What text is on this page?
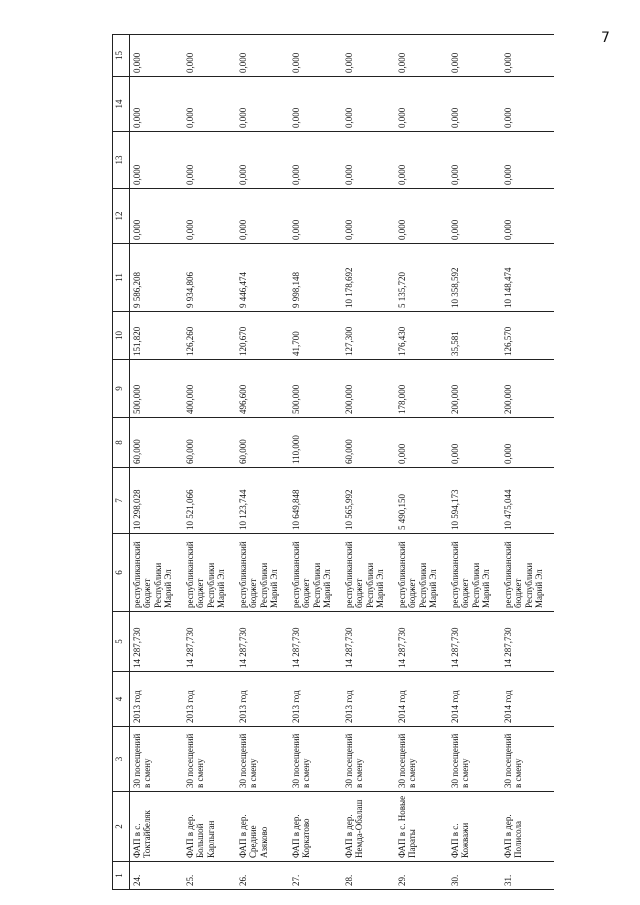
7
1	2	3	4	5	6	7	8	9	10	11	12	13	14	15
24.	ФАП в с. Токтайбеляк	30 посещений в смену	2013 год	14 287,730	республиканский бюджет Республики Марий Эл	10 298,028	60,000	500,000	151,820	9 586,208	0,000	0,000	0,000	0,000
25.	ФАП в дер. Большой Карлыган	30 посещений в смену	2013 год	14 287,730	республиканский бюджет Республики Марий Эл	10 521,066	60,000	400,000	126,260	9 934,806	0,000	0,000	0,000	0,000
26.	ФАП в дер. Средние Азяково	30 посещений в смену	2013 год	14 287,730	республиканский бюджет Республики Марий Эл	10 123,744	60,000	496,600	120,670	9 446,474	0,000	0,000	0,000	0,000
27.	ФАП в дер. Коркатово	30 посещений в смену	2013 год	14 287,730	республиканский бюджет Республики Марий Эл	10 649,848	110,000	500,000	41,700	9 998,148	0,000	0,000	0,000	0,000
28.	ФАП в дер. Немда-Обалаш	30 посещений в смену	2013 год	14 287,730	республиканский бюджет Республики Марий Эл	10 565,992	60,000	200,000	127,300	10 178,692	0,000	0,000	0,000	0,000
29.	ФАП в с. Новые Параты	30 посещений в смену	2014 год	14 287,730	республиканский бюджет Республики Марий Эл	5 490,150	0,000	178,000	176,430	5 135,720	0,000	0,000	0,000	0,000
30.	ФАП в с. Кожважи	30 посещений в смену	2014 год	14 287,730	республиканский бюджет Республики Марий Эл	10 594,173	0,000	200,000	35,581	10 358,592	0,000	0,000	0,000	0,000
31.	ФАП в дер. Полисола	30 посещений в смену	2014 год	14 287,730	республиканский бюджет Республики Марий Эл	10 475,044	0,000	200,000	126,570	10 148,474	0,000	0,000	0,000	0,000
